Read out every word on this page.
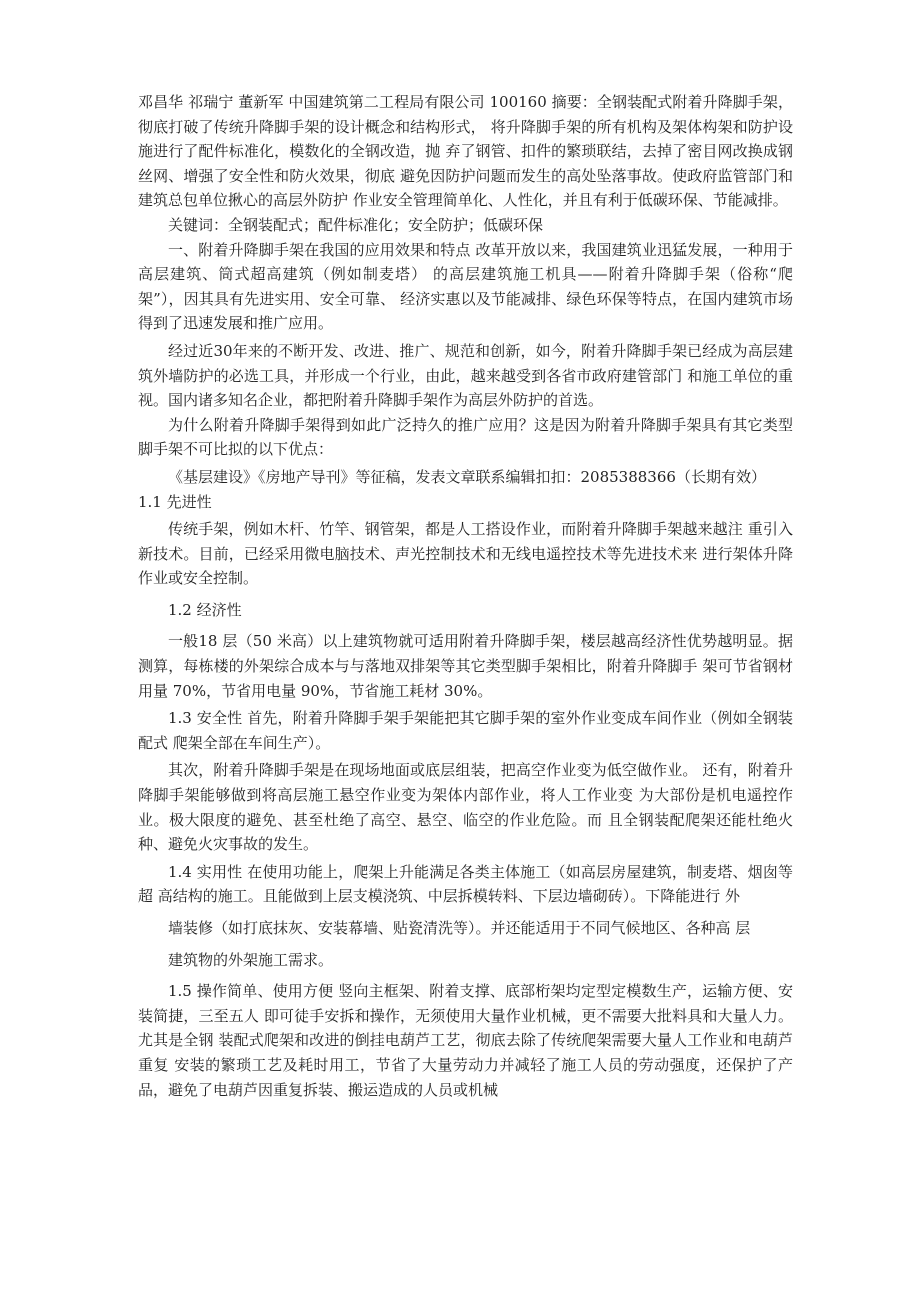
邓昌华 祁瑞宁 董新军 中国建筑第二工程局有限公司 100160 摘要：全钢装配式附着升降脚手架，彻底打破了传统升降脚手架的设计概念和结构形式， 将升降脚手架的所有机构及架体构架和防护设施进行了配件标准化，模数化的全钢改造，抛 弃了钢管、扣件的繁琐联结，去掉了密目网改换成钢丝网、增强了安全性和防火效果，彻底 避免因防护问题而发生的高处坠落事故。使政府监管部门和建筑总包单位揪心的高层外防护 作业安全管理简单化、人性化，并且有利于低碳环保、节能减排。

关键词：全钢装配式；配件标准化；安全防护；低碳环保

一、附着升降脚手架在我国的应用效果和特点 改革开放以来，我国建筑业迅猛发展，一种用于高层建筑、筒式超高建筑（例如制麦塔） 的高层建筑施工机具——附着升降脚手架（俗称“爬架”），因其具有先进实用、安全可靠、 经济实惠以及节能减排、绿色环保等特点，在国内建筑市场得到了迅速发展和推广应用。

经过近30年来的不断开发、改进、推广、规范和创新，如今，附着升降脚手架已经成为高层建筑外墙防护的必选工具，并形成一个行业，由此，越来越受到各省市政府建管部门 和施工单位的重视。国内诸多知名企业，都把附着升降脚手架作为高层外防护的首选。

为什么附着升降脚手架得到如此广泛持久的推广应用？这是因为附着升降脚手架具有其它类型脚手架不可比拟的以下优点：

《基层建设》《房地产导刊》等征稿，发表文章联系编辑扣扣：2085388366（长期有效）

1.1 先进性

传统手架，例如木杆、竹竿、钢管架，都是人工搭设作业，而附着升降脚手架越来越注 重引入新技术。目前，已经采用微电脑技术、声光控制技术和无线电遥控技术等先进技术来 进行架体升降作业或安全控制。

1.2 经济性

一般18 层（50 米高）以上建筑物就可适用附着升降脚手架，楼层越高经济性优势越明显。据测算，每栋楼的外架综合成本与与落地双排架等其它类型脚手架相比，附着升降脚手 架可节省钢材用量 70%，节省用电量 90%，节省施工耗材 30%。

1.3 安全性 首先，附着升降脚手架手架能把其它脚手架的室外作业变成车间作业（例如全钢装配式 爬架全部在车间生产）。

其次，附着升降脚手架是在现场地面或底层组装，把高空作业变为低空做作业。 还有，附着升降脚手架能够做到将高层施工悬空作业变为架体内部作业，将人工作业变 为大部份是机电遥控作业。极大限度的避免、甚至杜绝了高空、悬空、临空的作业危险。而 且全钢装配爬架还能杜绝火种、避免火灾事故的发生。

1.4 实用性 在使用功能上，爬架上升能满足各类主体施工（如高层房屋建筑，制麦塔、烟囱等超 高结构的施工。且能做到上层支模浇筑、中层拆模转料、下层边墙砌砖）。下降能进行 外

墙装修（如打底抹灰、安装幕墙、贴瓷清洗等）。并还能适用于不同气候地区、各种高 层

建筑物的外架施工需求。

1.5 操作简单、使用方便 竖向主框架、附着支撑、底部桁架均定型定模数生产，运输方便、安装简捷，三至五人 即可徒手安拆和操作，无须使用大量作业机械，更不需要大批料具和大量人力。尤其是全钢 装配式爬架和改进的倒挂电葫芦工艺，彻底去除了传统爬架需要大量人工作业和电葫芦重复 安装的繁琐工艺及耗时用工，节省了大量劳动力并减轻了施工人员的劳动强度，还保护了产 品，避免了电葫芦因重复拆装、搬运造成的人员或机械
